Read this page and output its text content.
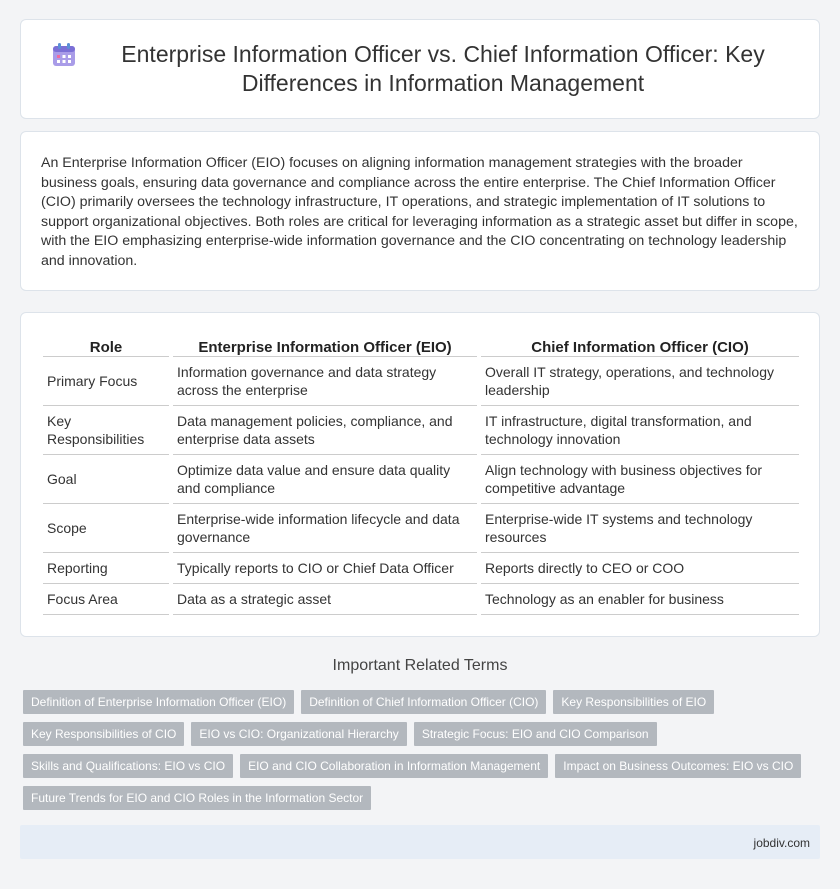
Enterprise Information Officer vs. Chief Information Officer: Key Differences in Information Management

An Enterprise Information Officer (EIO) focuses on aligning information management strategies with the broader business goals, ensuring data governance and compliance across the entire enterprise. The Chief Information Officer (CIO) primarily oversees the technology infrastructure, IT operations, and strategic implementation of IT solutions to support organizational objectives. Both roles are critical for leveraging information as a strategic asset but differ in scope, with the EIO emphasizing enterprise-wide information governance and the CIO concentrating on technology leadership and innovation.

Role	Enterprise Information Officer (EIO)	Chief Information Officer (CIO)
Primary Focus	Information governance and data strategy across the enterprise	Overall IT strategy, operations, and technology leadership
Key Responsibilities	Data management policies, compliance, and enterprise data assets	IT infrastructure, digital transformation, and technology innovation
Goal	Optimize data value and ensure data quality and compliance	Align technology with business objectives for competitive advantage
Scope	Enterprise-wide information lifecycle and data governance	Enterprise-wide IT systems and technology resources
Reporting	Typically reports to CIO or Chief Data Officer	Reports directly to CEO or COO
Focus Area	Data as a strategic asset	Technology as an enabler for business
Important Related Terms
Definition of Enterprise Information Officer (EIO)	Definition of Chief Information Officer (CIO)	Key Responsibilities of EIO
Key Responsibilities of CIO	EIO vs CIO: Organizational Hierarchy	Strategic Focus: EIO and CIO Comparison
Skills and Qualifications: EIO vs CIO	EIO and CIO Collaboration in Information Management	Impact on Business Outcomes: EIO vs CIO
Future Trends for EIO and CIO Roles in the Information Sector
jobdiv.com
